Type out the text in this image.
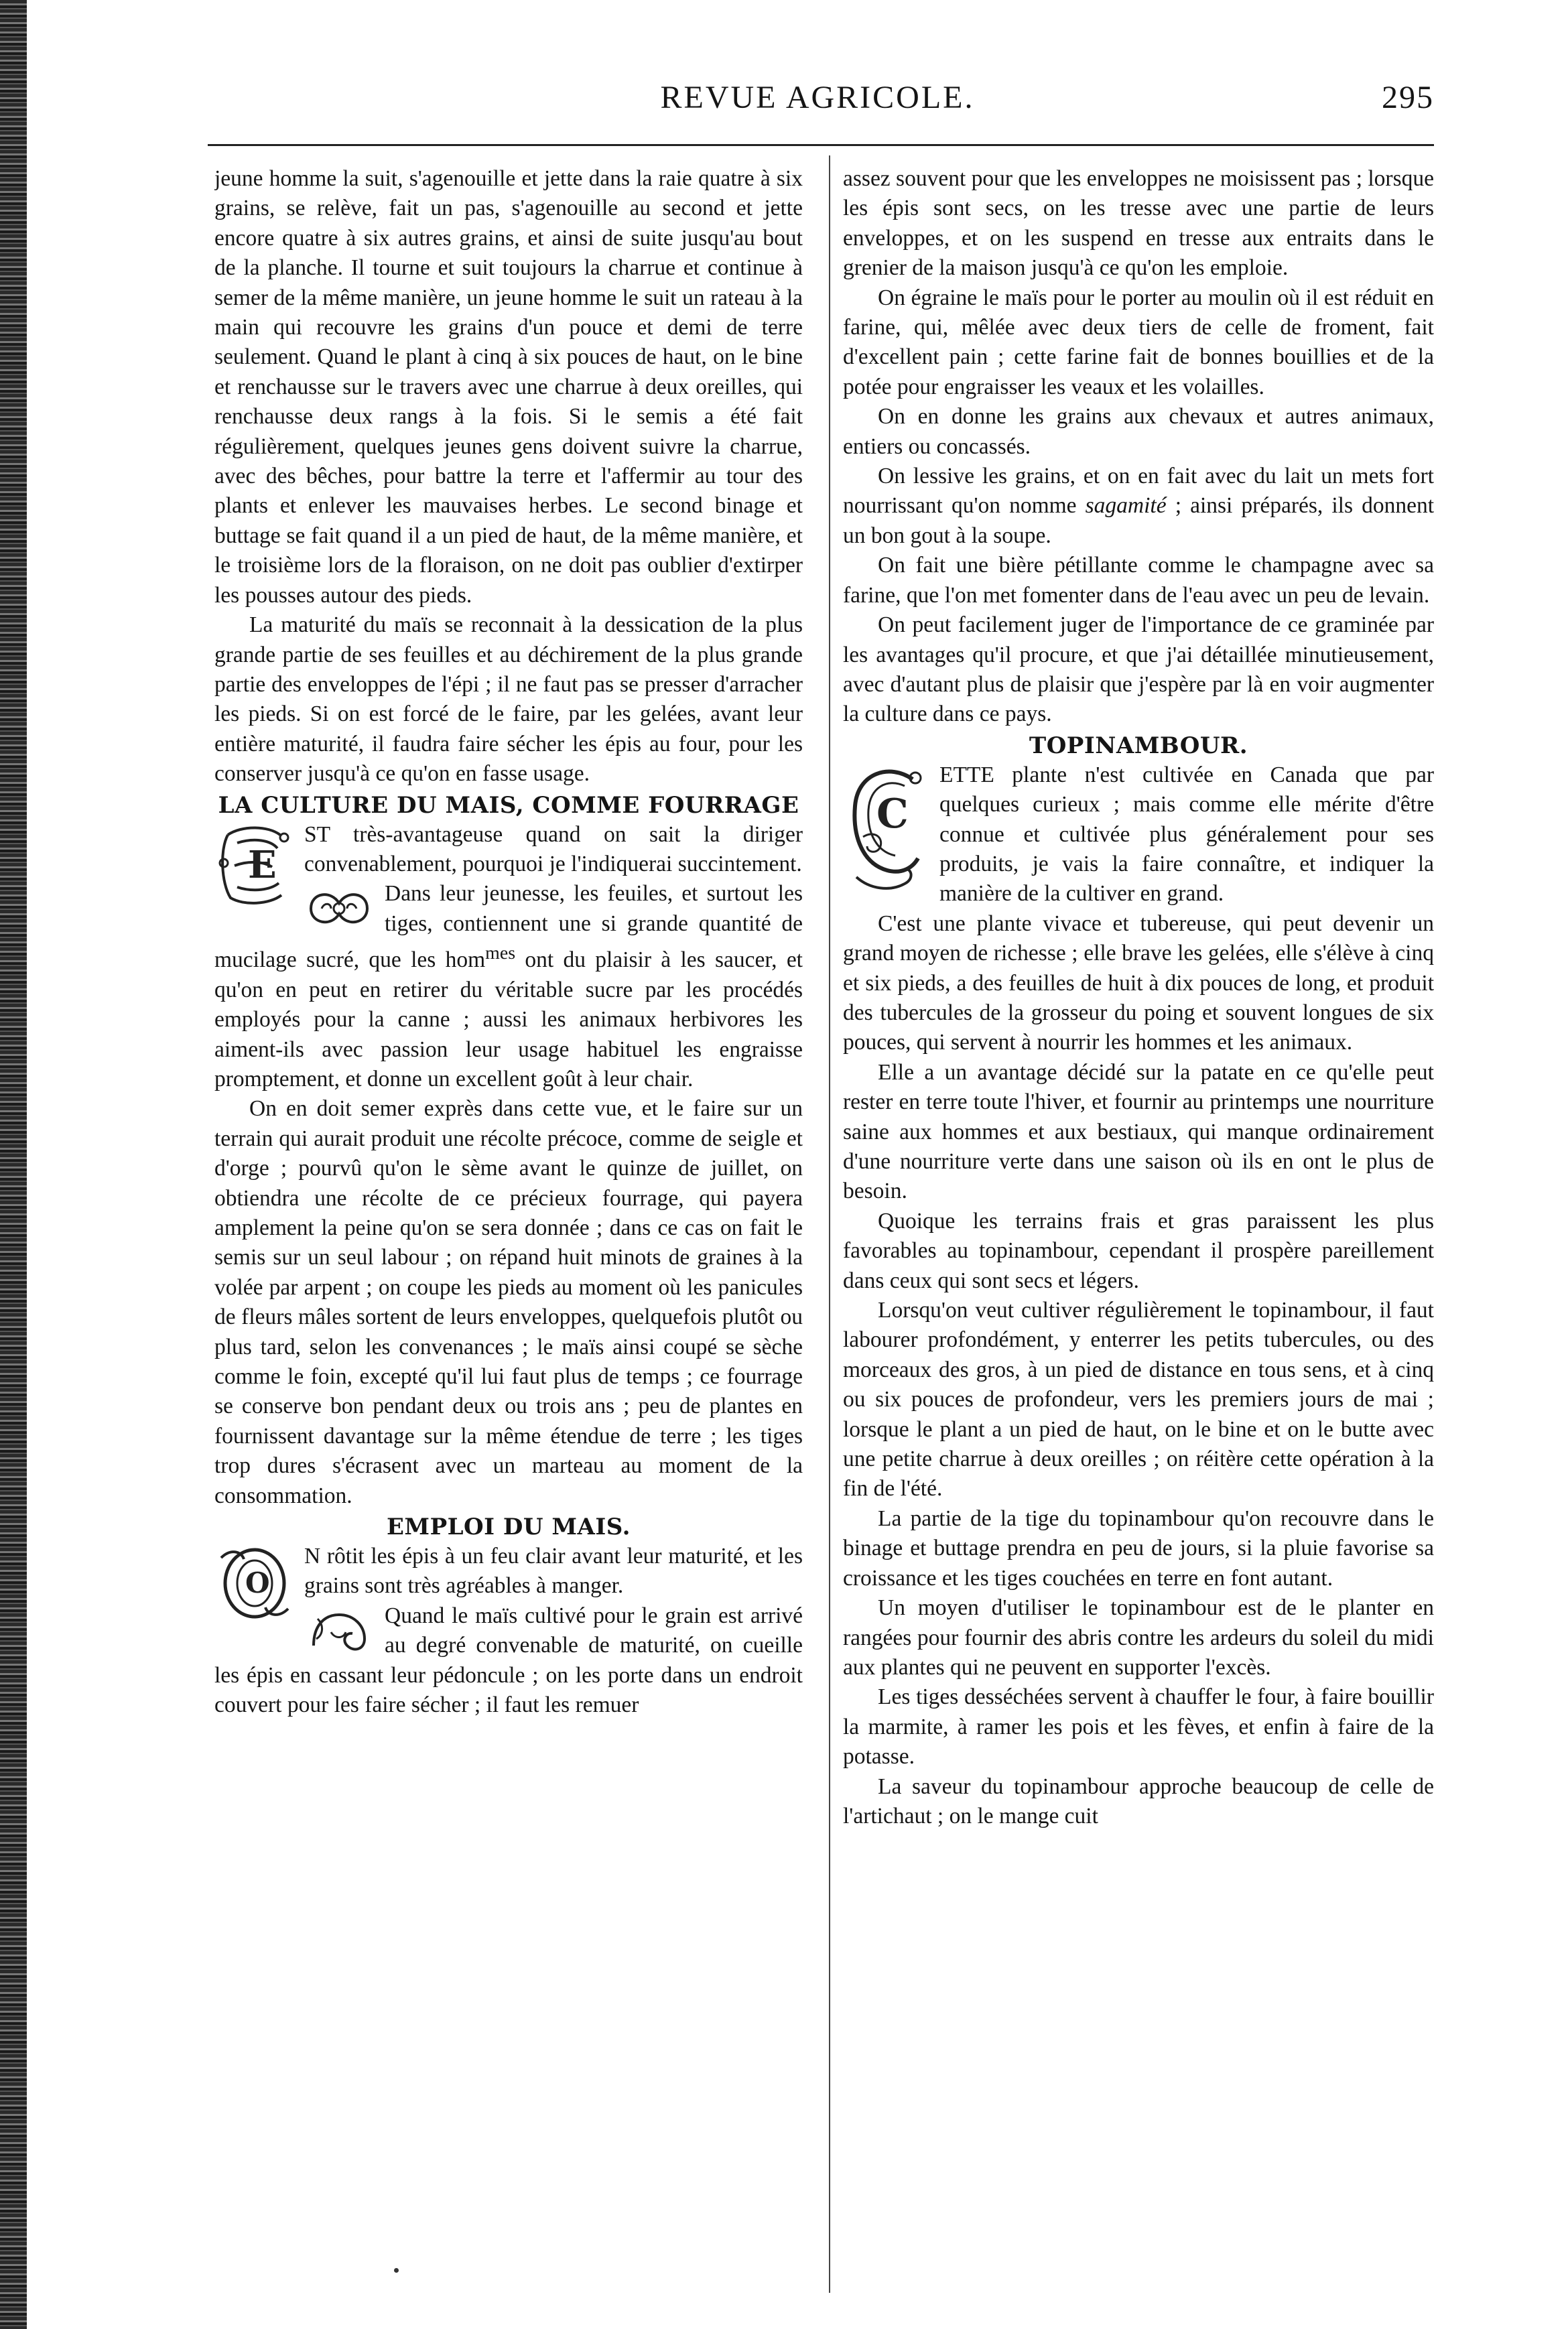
REVUE AGRICOLE.	295

jeune homme la suit, s'agenouille et jette dans la raie quatre à six grains, se relève, fait un pas, s'agenouille au second et jette encore quatre à six autres grains, et ainsi de suite jusqu'au bout de la planche. Il tourne et suit toujours la charrue et continue à semer de la même manière, un jeune homme le suit un rateau à la main qui recouvre les grains d'un pouce et demi de terre seulement. Quand le plant à cinq à six pouces de haut, on le bine et renchausse sur le travers avec une charrue à deux oreilles, qui renchausse deux rangs à la fois. Si le semis a été fait régulièrement, quelques jeunes gens doivent suivre la charrue, avec des bêches, pour battre la terre et l'affermir au tour des plants et enlever les mauvaises herbes. Le second binage et buttage se fait quand il a un pied de haut, de la même manière, et le troisième lors de la floraison, on ne doit pas oublier d'extirper les pousses autour des pieds.

La maturité du maïs se reconnait à la dessication de la plus grande partie de ses feuilles et au déchirement de la plus grande partie des enveloppes de l'épi ; il ne faut pas se presser d'arracher les pieds. Si on est forcé de le faire, par les gelées, avant leur entière maturité, il faudra faire sécher les épis au four, pour les conserver jusqu'à ce qu'on en fasse usage.

LA CULTURE DU MAIS, COMME FOURRAGE

E
ST très-avantageuse quand on sait la diriger convenablement, pourquoi je l'indiquerai succintement.

Dans leur jeunesse, les feuiles, et surtout les tiges, contiennent une si grande quantité de mucilage sucré, que les hom$^{mes}$ ont du plaisir à les saucer, et qu'on en peut en retirer du véritable sucre par les procédés employés pour la canne ; aussi les animaux herbivores les aiment-ils avec passion leur usage habituel les engraisse promptement, et donne un excellent goût à leur chair.

On en doit semer exprès dans cette vue, et le faire sur un terrain qui aurait produit une récolte précoce, comme de seigle et d'orge ; pourvû qu'on le sème avant le quinze de juillet, on obtiendra une récolte de ce précieux fourrage, qui payera amplement la peine qu'on se sera donnée ; dans ce cas on fait le semis sur un seul labour ; on répand huit minots de graines à la volée par arpent ; on coupe les pieds au moment où les panicules de fleurs mâles sortent de leurs enveloppes, quelquefois plutôt ou plus tard, selon les convenances ; le maïs ainsi coupé se sèche comme le foin, excepté qu'il lui faut plus de temps ; ce fourrage se conserve bon pendant deux ou trois ans ; peu de plantes en fournissent davantage sur la même étendue de terre ; les tiges trop dures s'écrasent avec un marteau au moment de la consommation.

EMPLOI DU MAIS.

O
N rôtit les épis à un feu clair avant leur maturité, et les grains sont très agréables à manger.

Quand le maïs cultivé pour le grain est arrivé au degré convenable de maturité, on cueille les épis en cassant leur pédoncule ; on les porte dans un endroit couvert pour les faire sécher ; il faut les remuer

assez souvent pour que les enveloppes ne moisissent pas ; lorsque les épis sont secs, on les tresse avec une partie de leurs enveloppes, et on les suspend en tresse aux entraits dans le grenier de la maison jusqu'à ce qu'on les emploie.

On égraine le maïs pour le porter au moulin où il est réduit en farine, qui, mêlée avec deux tiers de celle de froment, fait d'excellent pain ; cette farine fait de bonnes bouillies et de la potée pour engraisser les veaux et les volailles.

On en donne les grains aux chevaux et autres animaux, entiers ou concassés.

On lessive les grains, et on en fait avec du lait un mets fort nourrissant qu'on nomme sagamité ; ainsi préparés, ils donnent un bon gout à la soupe.

On fait une bière pétillante comme le champagne avec sa farine, que l'on met fomenter dans de l'eau avec un peu de levain.

On peut facilement juger de l'importance de ce graminée par les avantages qu'il procure, et que j'ai détaillée minutieusement, avec d'autant plus de plaisir que j'espère par là en voir augmenter la culture dans ce pays.

TOPINAMBOUR.

C
ETTE plante n'est cultivée en Canada que par quelques curieux ; mais comme elle mérite d'être connue et cultivée plus généralement pour ses produits, je vais la faire connaître, et indiquer la manière de la cultiver en grand.

C'est une plante vivace et tubereuse, qui peut devenir un grand moyen de richesse ; elle brave les gelées, elle s'élève à cinq et six pieds, a des feuilles de huit à dix pouces de long, et produit des tubercules de la grosseur du poing et souvent longues de six pouces, qui servent à nourrir les hommes et les animaux.

Elle a un avantage décidé sur la patate en ce qu'elle peut rester en terre toute l'hiver, et fournir au printemps une nourriture saine aux hommes et aux bestiaux, qui manque ordinairement d'une nourriture verte dans une saison où ils en ont le plus de besoin.

Quoique les terrains frais et gras paraissent les plus favorables au topinambour, cependant il prospère pareillement dans ceux qui sont secs et légers.

Lorsqu'on veut cultiver régulièrement le topinambour, il faut labourer profondément, y enterrer les petits tubercules, ou des morceaux des gros, à un pied de distance en tous sens, et à cinq ou six pouces de profondeur, vers les premiers jours de mai ; lorsque le plant a un pied de haut, on le bine et on le butte avec une petite charrue à deux oreilles ; on réitère cette opération à la fin de l'été.

La partie de la tige du topinambour qu'on recouvre dans le binage et buttage prendra en peu de jours, si la pluie favorise sa croissance et les tiges couchées en terre en font autant.

Un moyen d'utiliser le topinambour est de le planter en rangées pour fournir des abris contre les ardeurs du soleil du midi aux plantes qui ne peuvent en supporter l'excès.

Les tiges desséchées servent à chauffer le four, à faire bouillir la marmite, à ramer les pois et les fèves, et enfin à faire de la potasse.

La saveur du topinambour approche beaucoup de celle de l'artichaut ; on le mange cuit
